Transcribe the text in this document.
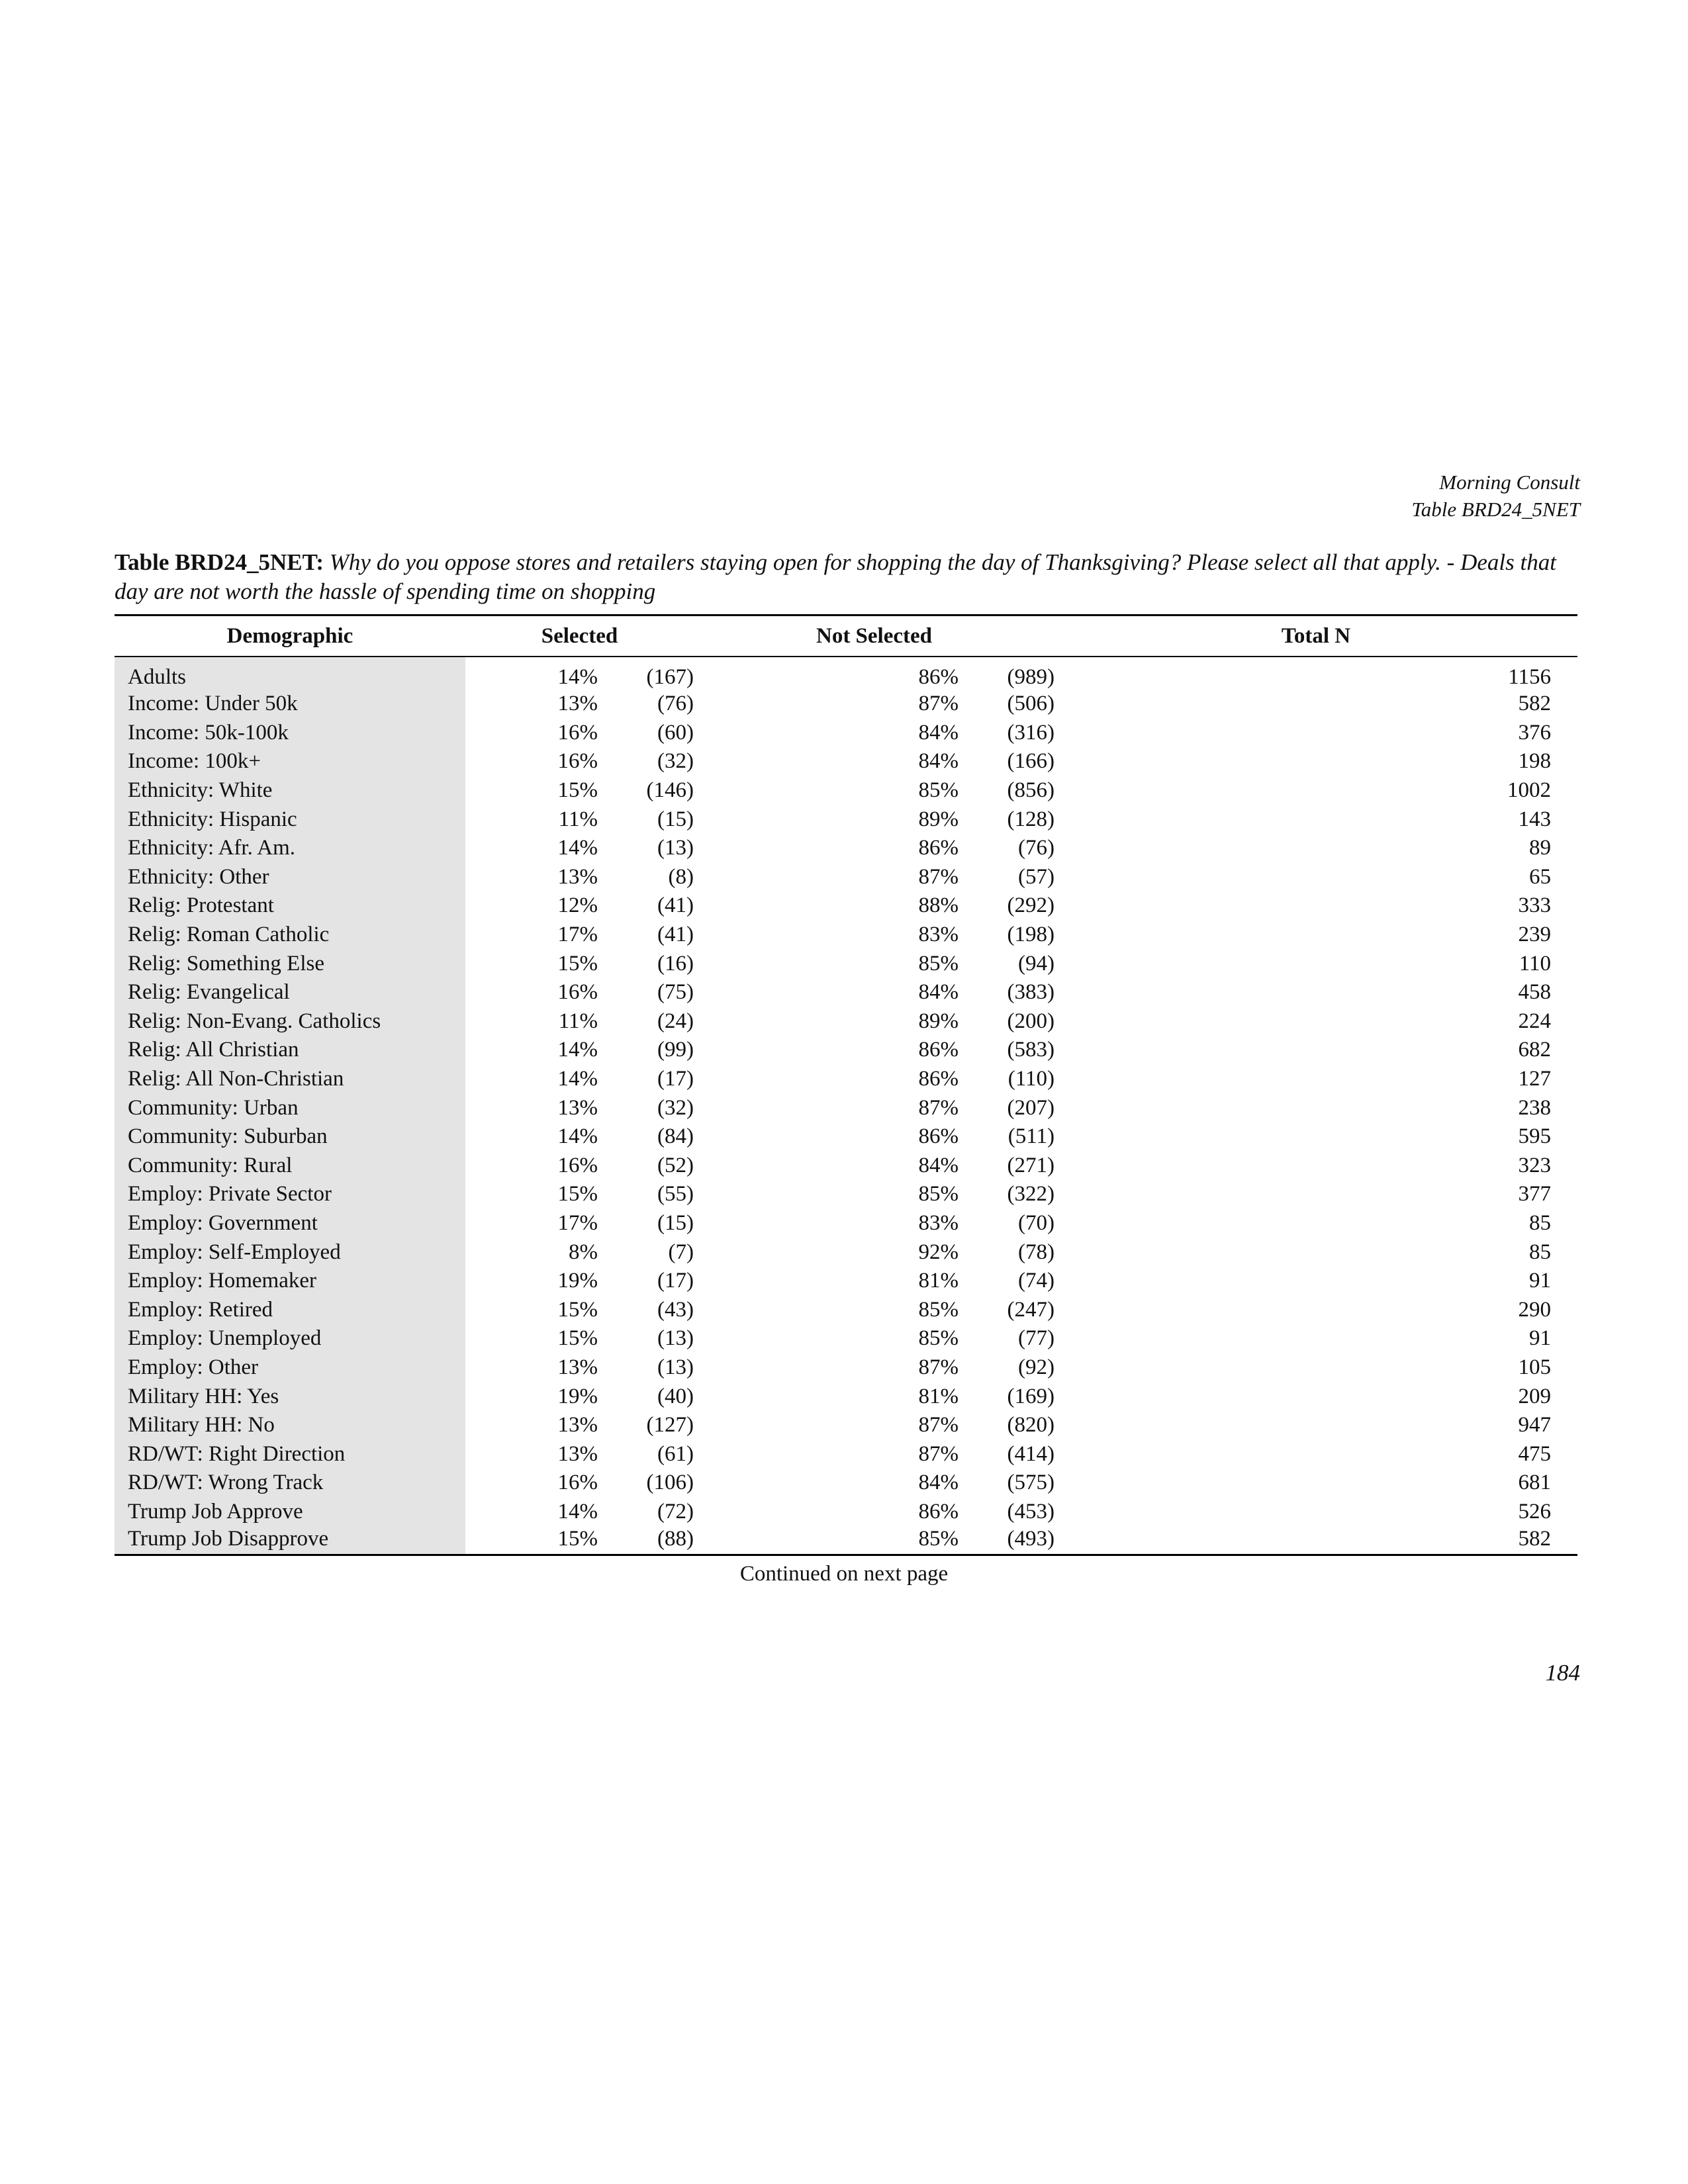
Morning Consult
Table BRD24_5NET
Table BRD24_5NET: Why do you oppose stores and retailers staying open for shopping the day of Thanksgiving? Please select all that apply. - Deals that day are not worth the hassle of spending time on shopping
Demographic	Selected		Not Selected		Total N
Adults	14%	(167)	86%	(989)	1156
Income: Under 50k	13%	(76)	87%	(506)	582
Income: 50k-100k	16%	(60)	84%	(316)	376
Income: 100k+	16%	(32)	84%	(166)	198
Ethnicity: White	15%	(146)	85%	(856)	1002
Ethnicity: Hispanic	11%	(15)	89%	(128)	143
Ethnicity: Afr. Am.	14%	(13)	86%	(76)	89
Ethnicity: Other	13%	(8)	87%	(57)	65
Relig: Protestant	12%	(41)	88%	(292)	333
Relig: Roman Catholic	17%	(41)	83%	(198)	239
Relig: Something Else	15%	(16)	85%	(94)	110
Relig: Evangelical	16%	(75)	84%	(383)	458
Relig: Non-Evang. Catholics	11%	(24)	89%	(200)	224
Relig: All Christian	14%	(99)	86%	(583)	682
Relig: All Non-Christian	14%	(17)	86%	(110)	127
Community: Urban	13%	(32)	87%	(207)	238
Community: Suburban	14%	(84)	86%	(511)	595
Community: Rural	16%	(52)	84%	(271)	323
Employ: Private Sector	15%	(55)	85%	(322)	377
Employ: Government	17%	(15)	83%	(70)	85
Employ: Self-Employed	8%	(7)	92%	(78)	85
Employ: Homemaker	19%	(17)	81%	(74)	91
Employ: Retired	15%	(43)	85%	(247)	290
Employ: Unemployed	15%	(13)	85%	(77)	91
Employ: Other	13%	(13)	87%	(92)	105
Military HH: Yes	19%	(40)	81%	(169)	209
Military HH: No	13%	(127)	87%	(820)	947
RD/WT: Right Direction	13%	(61)	87%	(414)	475
RD/WT: Wrong Track	16%	(106)	84%	(575)	681
Trump Job Approve	14%	(72)	86%	(453)	526
Trump Job Disapprove	15%	(88)	85%	(493)	582
Continued on next page
184
